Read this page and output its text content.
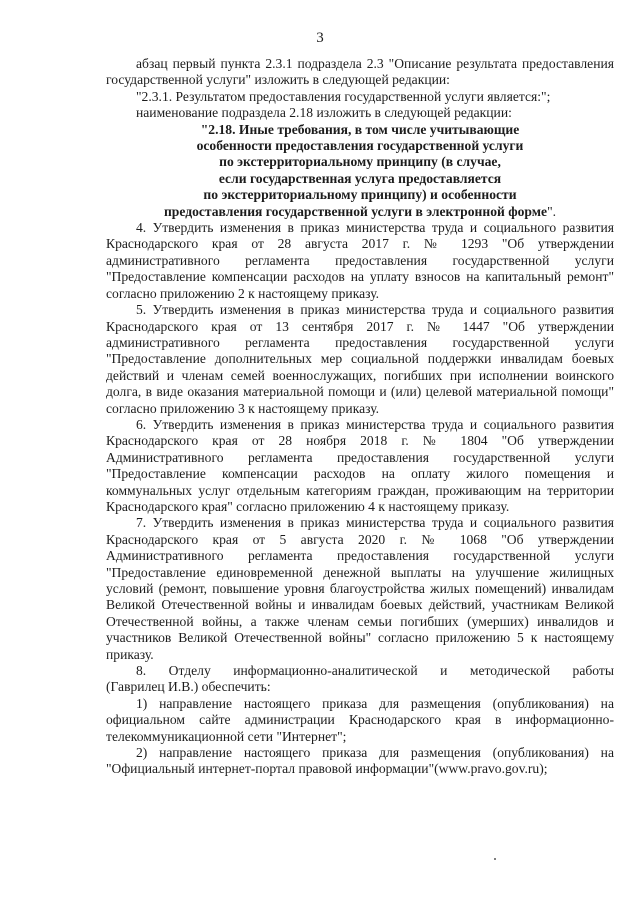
3

абзац первый пункта 2.3.1 подраздела 2.3 "Описание результата предоставления государственной услуги" изложить в следующей редакции:

"2.3.1. Результатом предоставления государственной услуги является:";

наименование подраздела 2.18 изложить в следующей редакции:

"2.18. Иные требования, в том числе учитывающие

особенности предоставления государственной услуги

по экстерриториальному принципу (в случае,

если государственная услуга предоставляется

по экстерриториальному принципу) и особенности

предоставления государственной услуги в электронной форме".

4. Утвердить изменения в приказ министерства труда и социального развития Краснодарского края от 28 августа 2017 г. № 1293 "Об утверждении административного регламента предоставления государственной услуги "Предоставление компенсации расходов на уплату взносов на капитальный ремонт" согласно приложению 2 к настоящему приказу.

5. Утвердить изменения в приказ министерства труда и социального развития Краснодарского края от 13 сентября 2017 г. № 1447 "Об утверждении административного регламента предоставления государственной услуги "Предоставление дополнительных мер социальной поддержки инвалидам боевых действий и членам семей военнослужащих, погибших при исполнении воинского долга, в виде оказания материальной помощи и (или) целевой материальной помощи" согласно приложению 3 к настоящему приказу.

6. Утвердить изменения в приказ министерства труда и социального развития Краснодарского края от 28 ноября 2018 г. № 1804 "Об утверждении Административного регламента предоставления государственной услуги "Предоставление компенсации расходов на оплату жилого помещения и коммунальных услуг отдельным категориям граждан, проживающим на территории Краснодарского края" согласно приложению 4 к настоящему приказу.

7. Утвердить изменения в приказ министерства труда и социального развития Краснодарского края от 5 августа 2020 г. № 1068 "Об утверждении Административного регламента предоставления государственной услуги "Предоставление единовременной денежной выплаты на улучшение жилищных условий (ремонт, повышение уровня благоустройства жилых помещений) инвалидам Великой Отечественной войны и инвалидам боевых действий, участникам Великой Отечественной войны, а также членам семьи погибших (умерших) инвалидов и участников Великой Отечественной войны" согласно приложению 5 к настоящему приказу.

8. Отделу информационно-аналитической и методической работы

(Гаврилец И.В.) обеспечить:

1) направление настоящего приказа для размещения (опубликования) на официальном сайте администрации Краснодарского края в информационно-телекоммуникационной сети "Интернет";

2) направление настоящего приказа для размещения (опубликования) на "Официальный интернет-портал правовой информации"(www.pravo.gov.ru);
